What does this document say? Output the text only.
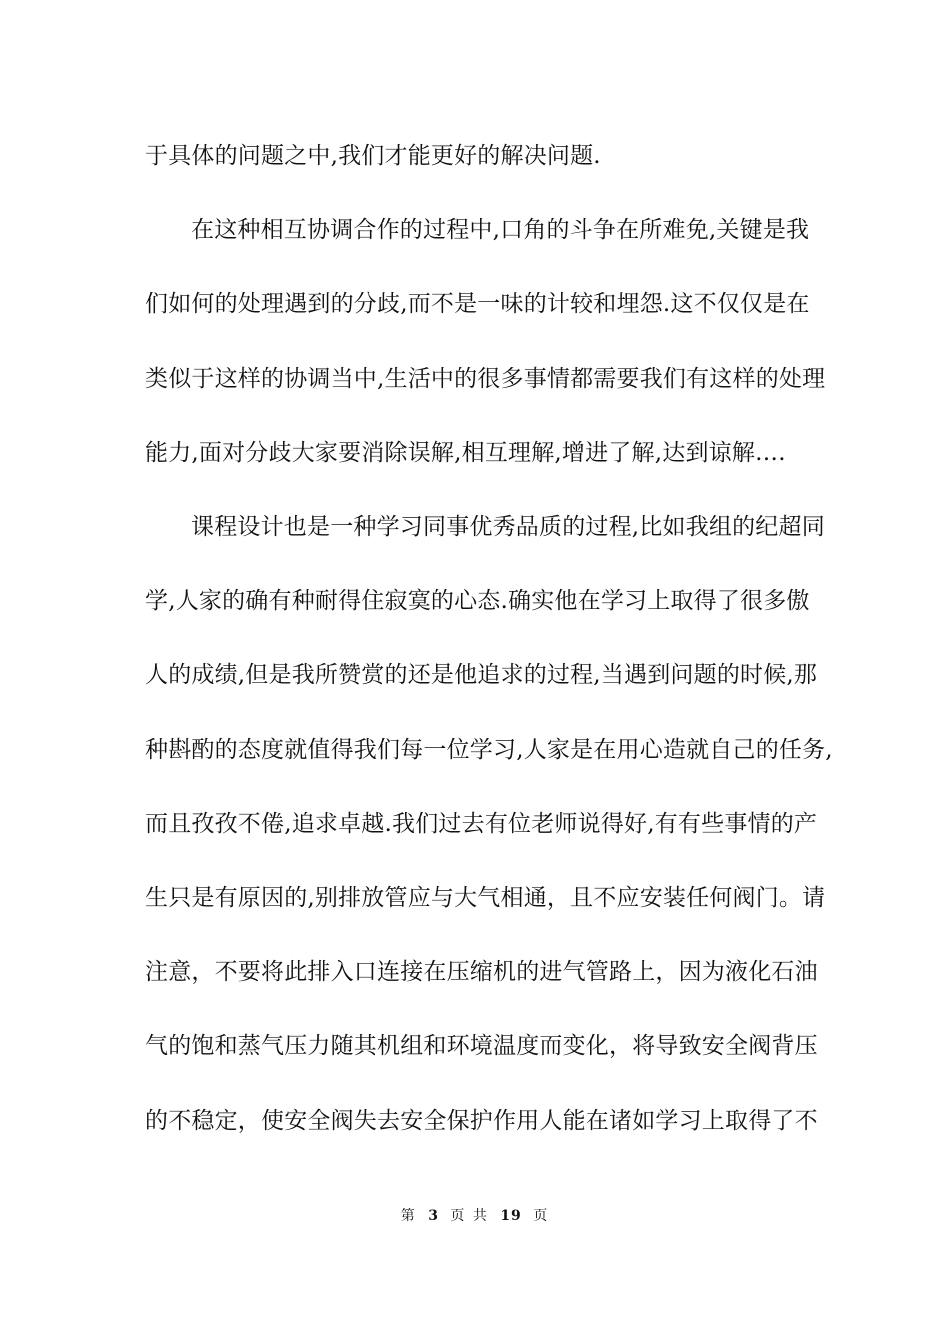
于具体的问题之中,我们才能更好的解决问题.
在这种相互协调合作的过程中,口角的斗争在所难免,关键是我
们如何的处理遇到的分歧,而不是一味的计较和埋怨.这不仅仅是在
类似于这样的协调当中,生活中的很多事情都需要我们有这样的处理
能力,面对分歧大家要消除误解,相互理解,增进了解,达到谅解….
课程设计也是一种学习同事优秀品质的过程,比如我组的纪超同
学,人家的确有种耐得住寂寞的心态.确实他在学习上取得了很多傲
人的成绩,但是我所赞赏的还是他追求的过程,当遇到问题的时候,那
种斟酌的态度就值得我们每一位学习,人家是在用心造就自己的任务,
而且孜孜不倦,追求卓越.我们过去有位老师说得好,有有些事情的产
生只是有原因的,别排放管应与大气相通，且不应安装任何阀门。请
注意，不要将此排入口连接在压缩机的进气管路上，因为液化石油
气的饱和蒸气压力随其机组和环境温度而变化，将导致安全阀背压
的不稳定，使安全阀失去安全保护作用人能在诸如学习上取得了不
第 3 页 共 19 页
